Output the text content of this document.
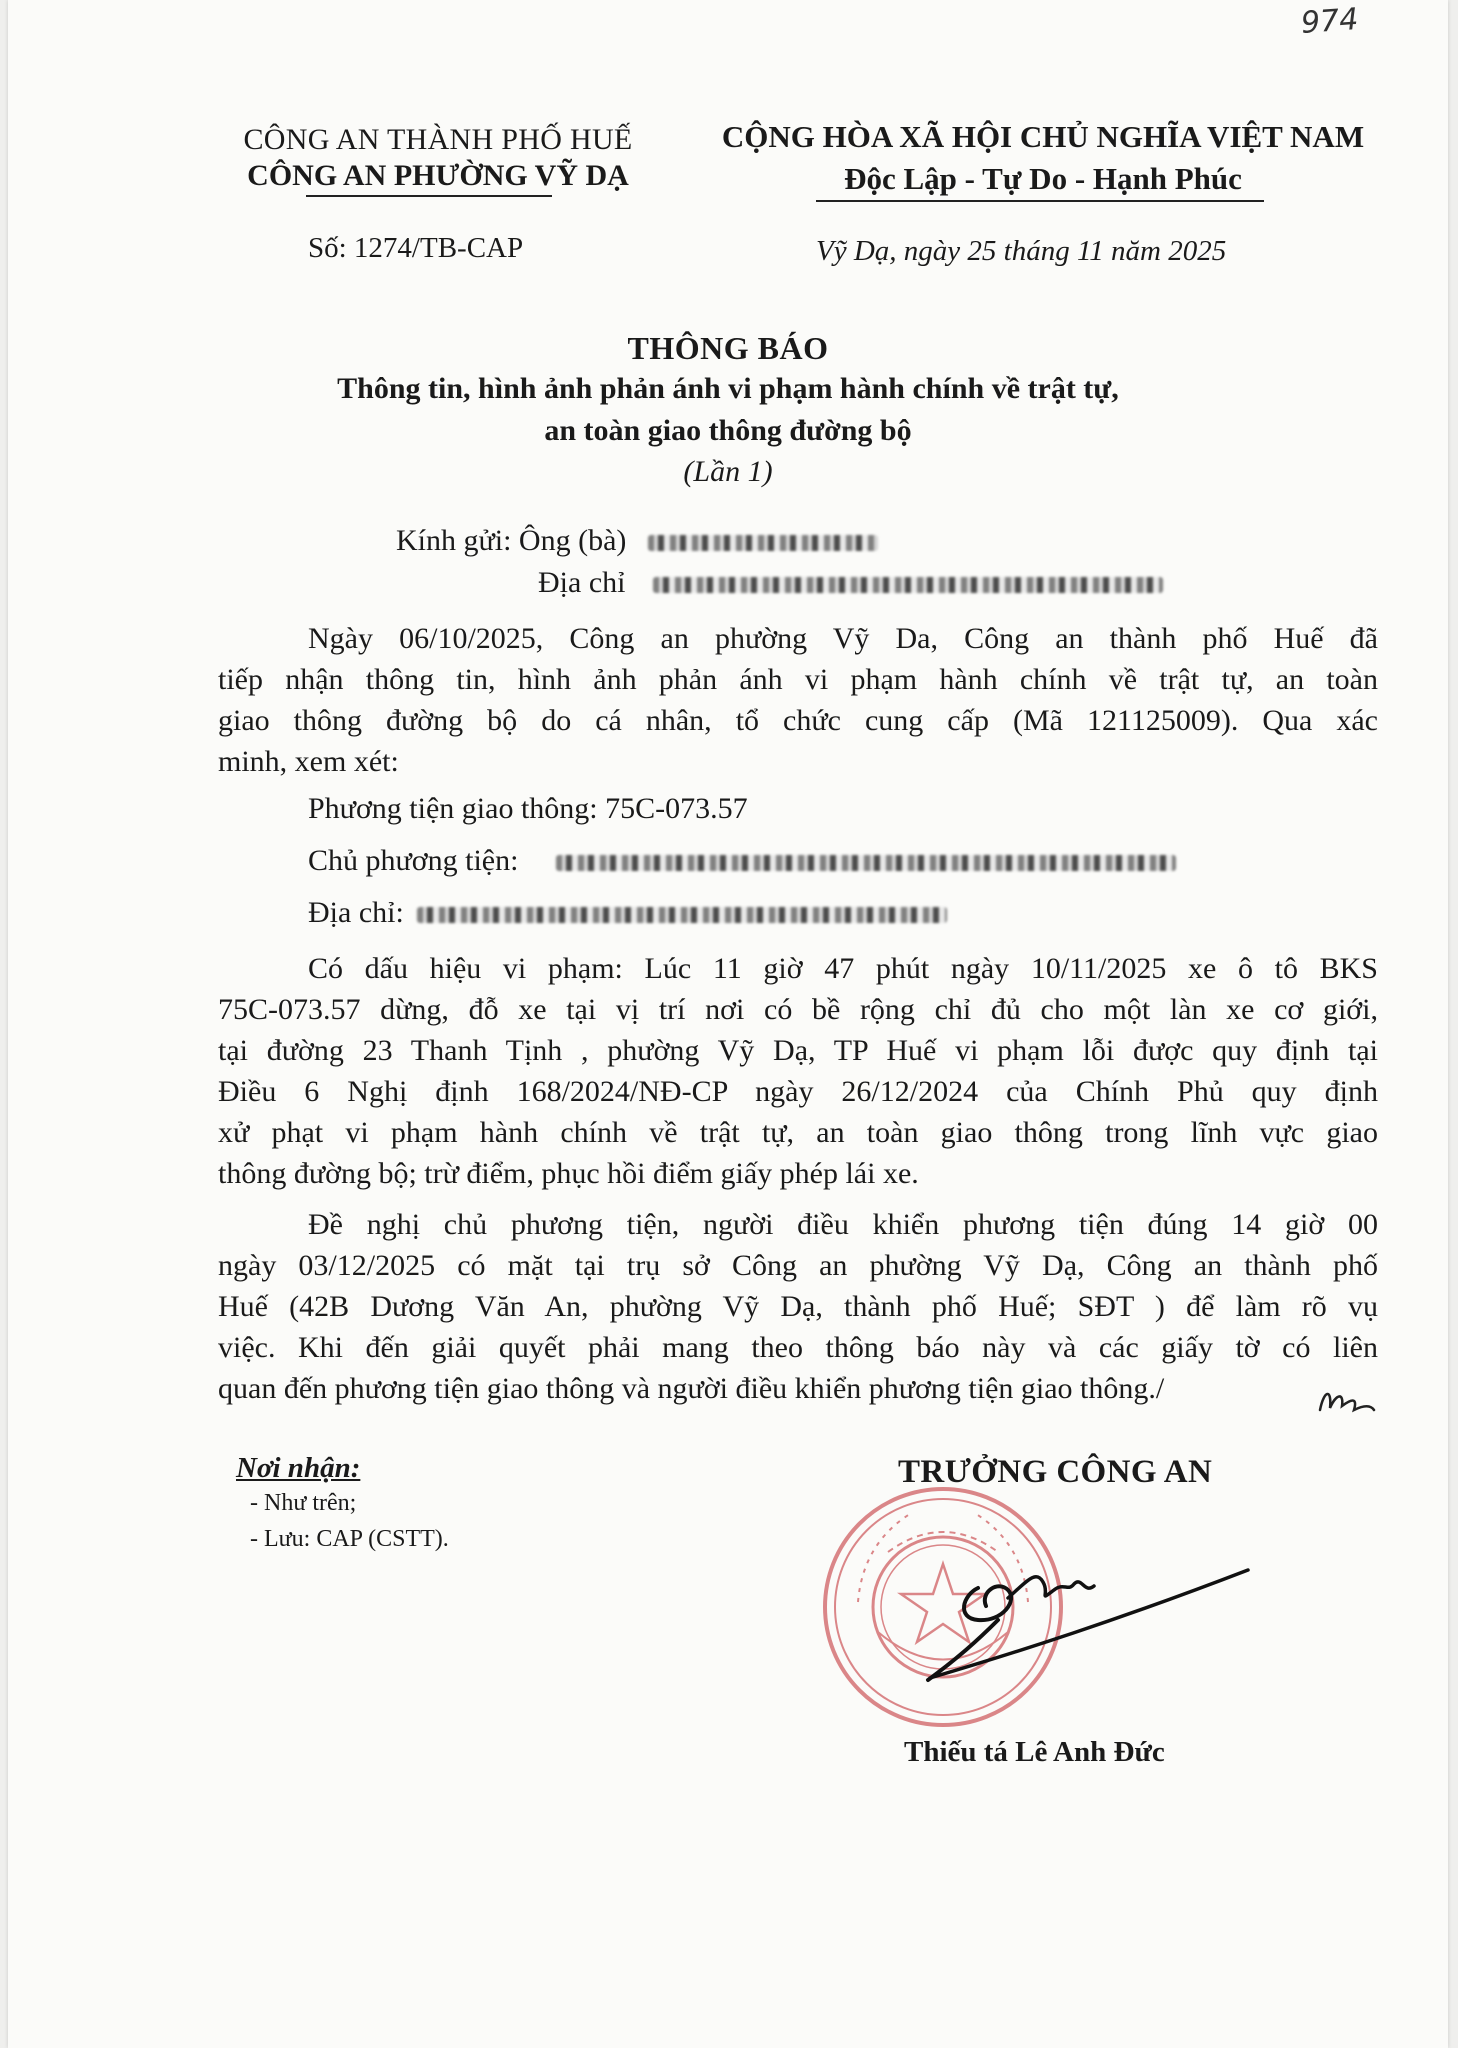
974
CÔNG AN THÀNH PHỐ HUẾ
CÔNG AN PHƯỜNG VỸ DẠ
CỘNG HÒA XÃ HỘI CHỦ NGHĨA VIỆT NAM
Độc Lập - Tự Do - Hạnh Phúc
Số: 1274/TB-CAP	Vỹ Dạ, ngày 25 tháng 11 năm 2025
THÔNG BÁO
Thông tin, hình ảnh phản ánh vi phạm hành chính về trật tự,
an toàn giao thông đường bộ
(Lần 1)
Kính gửi: Ông (bà)
Địa chỉ
Ngày 06/10/2025, Công an phường Vỹ Da, Công an thành phố Huế đã
tiếp nhận thông tin, hình ảnh phản ánh vi phạm hành chính về trật tự, an toàn
giao thông đường bộ do cá nhân, tổ chức cung cấp (Mã 121125009). Qua xác
minh, xem xét:
Phương tiện giao thông: 75C-073.57
Chủ phương tiện:
Địa chỉ:
Có dấu hiệu vi phạm: Lúc 11 giờ 47 phút ngày 10/11/2025 xe ô tô BKS
75C-073.57 dừng, đỗ xe tại vị trí nơi có bề rộng chỉ đủ cho một làn xe cơ giới,
tại đường 23 Thanh Tịnh , phường Vỹ Dạ, TP Huế vi phạm lỗi được quy định tại
Điều 6 Nghị định 168/2024/NĐ-CP ngày 26/12/2024 của Chính Phủ quy định
xử phạt vi phạm hành chính về trật tự, an toàn giao thông trong lĩnh vực giao
thông đường bộ; trừ điểm, phục hồi điểm giấy phép lái xe.
Đề nghị chủ phương tiện, người điều khiển phương tiện đúng 14 giờ 00
ngày 03/12/2025 có mặt tại trụ sở Công an phường Vỹ Dạ, Công an thành phố
Huế (42B Dương Văn An, phường Vỹ Dạ, thành phố Huế; SĐT ) để làm rõ vụ
việc. Khi đến giải quyết phải mang theo thông báo này và các giấy tờ có liên
quan đến phương tiện giao thông và người điều khiển phương tiện giao thông./
Nơi nhận:
- Như trên;
- Lưu: CAP (CSTT).
TRƯỞNG CÔNG AN
Thiếu tá Lê Anh Đức
